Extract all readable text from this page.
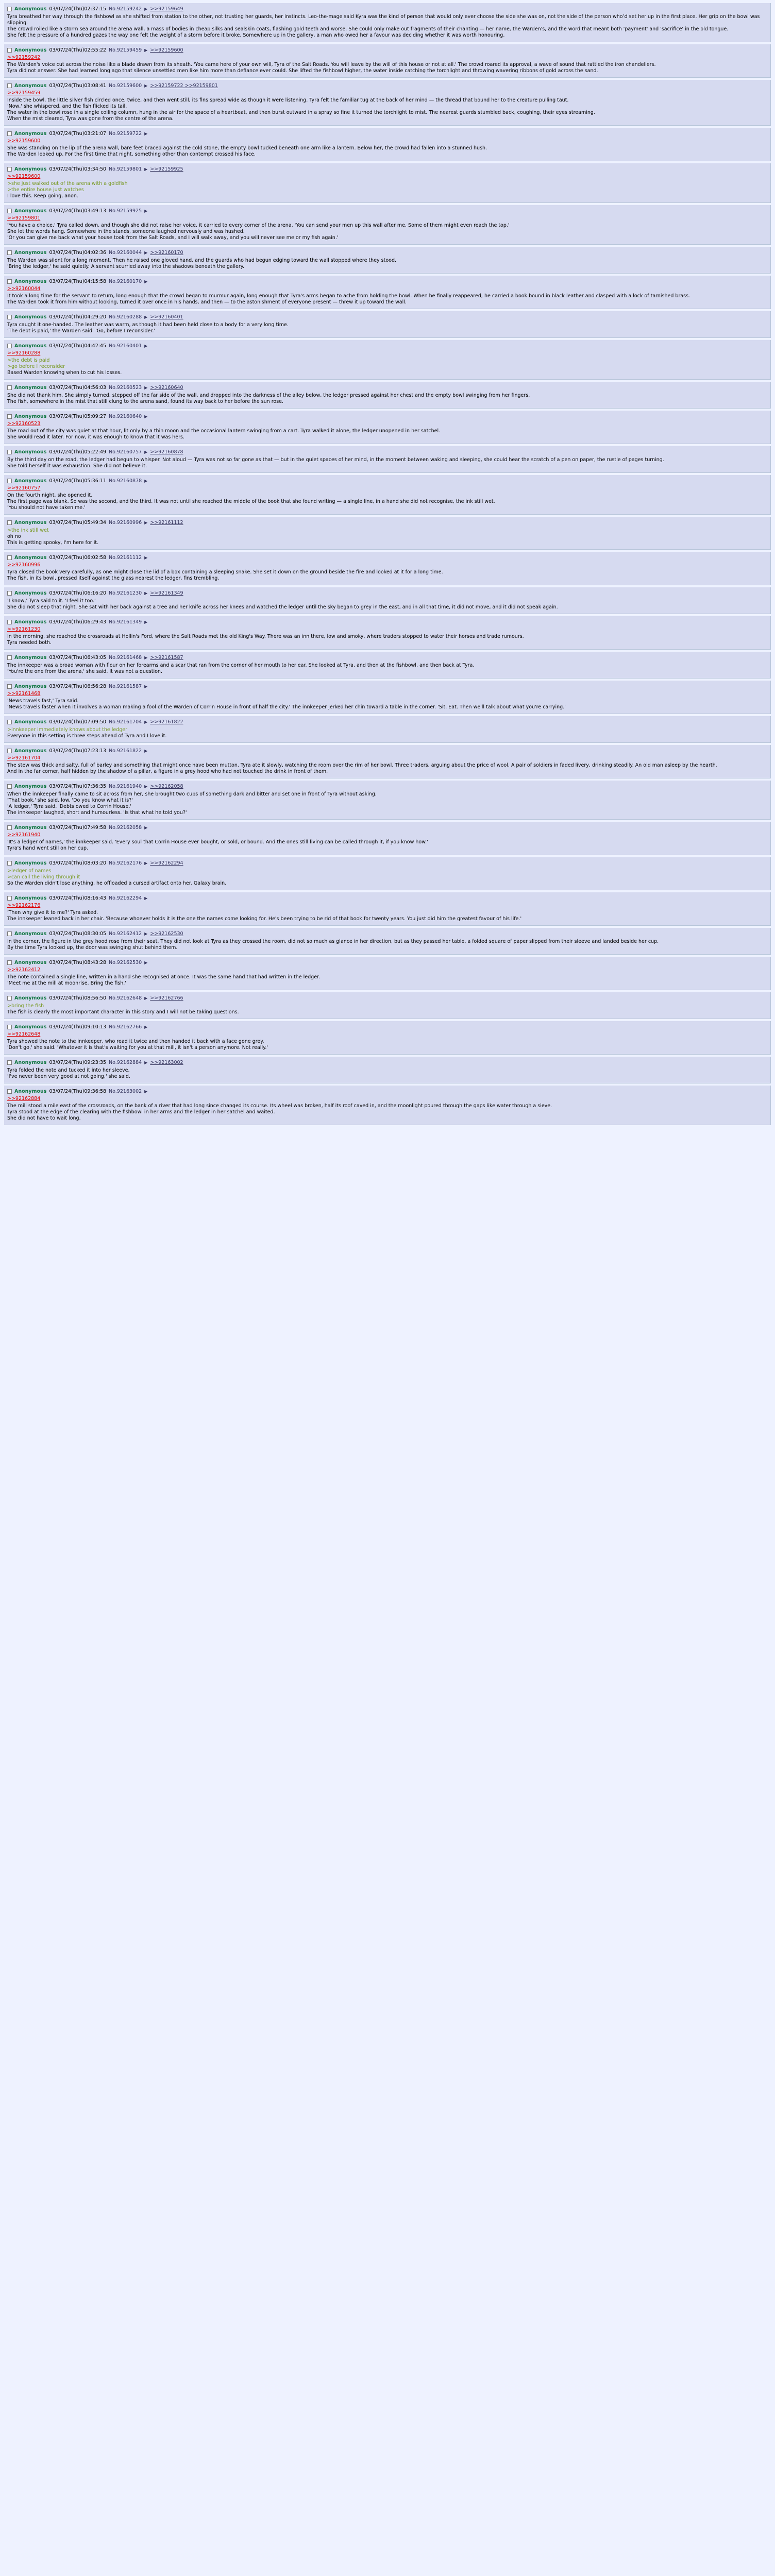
Anonymous 03/07/24(Thu)02:37:15 No.92159242 ▶ >>92159649
Tyra breathed her way through the fishbowl as she shifted from station to the other, not trusting her guards, her instincts. Leo-the-mage said Kyra was the kind of person that would only ever choose the side she was on, not the side of the person who’d set her up in the first place. Her grip on the bowl was slipping.
The crowd roiled like a storm sea around the arena wall, a mass of bodies in cheap silks and sealskin coats, flashing gold teeth and worse. She could only make out fragments of their chanting — her name, the Warden's, and the word that meant both 'payment' and 'sacrifice' in the old tongue.
She felt the pressure of a hundred gazes the way one felt the weight of a storm before it broke. Somewhere up in the gallery, a man who owed her a favour was deciding whether it was worth honouring.
Anonymous 03/07/24(Thu)02:55:22 No.92159459 ▶ >>92159600
>>92159242
The Warden's voice cut across the noise like a blade drawn from its sheath. 'You came here of your own will, Tyra of the Salt Roads. You will leave by the will of this house or not at all.' The crowd roared its approval, a wave of sound that rattled the iron chandeliers.
Tyra did not answer. She had learned long ago that silence unsettled men like him more than defiance ever could. She lifted the fishbowl higher, the water inside catching the torchlight and throwing wavering ribbons of gold across the sand.
Anonymous 03/07/24(Thu)03:08:41 No.92159600 ▶ >>92159722 >>92159801
>>92159459
Inside the bowl, the little silver fish circled once, twice, and then went still, its fins spread wide as though it were listening. Tyra felt the familiar tug at the back of her mind — the thread that bound her to the creature pulling taut.
'Now,' she whispered, and the fish flicked its tail.
The water in the bowl rose in a single coiling column, hung in the air for the space of a heartbeat, and then burst outward in a spray so fine it turned the torchlight to mist. The nearest guards stumbled back, coughing, their eyes streaming.
When the mist cleared, Tyra was gone from the centre of the arena.
Anonymous 03/07/24(Thu)03:21:07 No.92159722 ▶
>>92159600
She was standing on the lip of the arena wall, bare feet braced against the cold stone, the empty bowl tucked beneath one arm like a lantern. Below her, the crowd had fallen into a stunned hush.
The Warden looked up. For the first time that night, something other than contempt crossed his face.
Anonymous 03/07/24(Thu)03:34:50 No.92159801 ▶ >>92159925
>>92159600
>she just walked out of the arena with a goldfish
>the entire house just watches
I love this. Keep going, anon.
Anonymous 03/07/24(Thu)03:49:13 No.92159925 ▶
>>92159801
'You have a choice,' Tyra called down, and though she did not raise her voice, it carried to every corner of the arena. 'You can send your men up this wall after me. Some of them might even reach the top.'
She let the words hang. Somewhere in the stands, someone laughed nervously and was hushed.
'Or you can give me back what your house took from the Salt Roads, and I will walk away, and you will never see me or my fish again.'
Anonymous 03/07/24(Thu)04:02:36 No.92160044 ▶ >>92160170
The Warden was silent for a long moment. Then he raised one gloved hand, and the guards who had begun edging toward the wall stopped where they stood.
'Bring the ledger,' he said quietly. A servant scurried away into the shadows beneath the gallery.
Anonymous 03/07/24(Thu)04:15:58 No.92160170 ▶
>>92160044
It took a long time for the servant to return, long enough that the crowd began to murmur again, long enough that Tyra's arms began to ache from holding the bowl. When he finally reappeared, he carried a book bound in black leather and clasped with a lock of tarnished brass.
The Warden took it from him without looking, turned it over once in his hands, and then — to the astonishment of everyone present — threw it up toward the wall.
Anonymous 03/07/24(Thu)04:29:20 No.92160288 ▶ >>92160401
Tyra caught it one-handed. The leather was warm, as though it had been held close to a body for a very long time.
'The debt is paid,' the Warden said. 'Go, before I reconsider.'
Anonymous 03/07/24(Thu)04:42:45 No.92160401 ▶
>>92160288
>the debt is paid
>go before I reconsider
Based Warden knowing when to cut his losses.
Anonymous 03/07/24(Thu)04:56:03 No.92160523 ▶ >>92160640
She did not thank him. She simply turned, stepped off the far side of the wall, and dropped into the darkness of the alley below, the ledger pressed against her chest and the empty bowl swinging from her fingers.
The fish, somewhere in the mist that still clung to the arena sand, found its way back to her before the sun rose.
Anonymous 03/07/24(Thu)05:09:27 No.92160640 ▶
>>92160523
The road out of the city was quiet at that hour, lit only by a thin moon and the occasional lantern swinging from a cart. Tyra walked it alone, the ledger unopened in her satchel.
She would read it later. For now, it was enough to know that it was hers.
Anonymous 03/07/24(Thu)05:22:49 No.92160757 ▶ >>92160878
By the third day on the road, the ledger had begun to whisper. Not aloud — Tyra was not so far gone as that — but in the quiet spaces of her mind, in the moment between waking and sleeping, she could hear the scratch of a pen on paper, the rustle of pages turning.
She told herself it was exhaustion. She did not believe it.
Anonymous 03/07/24(Thu)05:36:11 No.92160878 ▶
>>92160757
On the fourth night, she opened it.
The first page was blank. So was the second, and the third. It was not until she reached the middle of the book that she found writing — a single line, in a hand she did not recognise, the ink still wet.
'You should not have taken me.'
Anonymous 03/07/24(Thu)05:49:34 No.92160996 ▶ >>92161112
>the ink still wet
oh no
This is getting spooky, I'm here for it.
Anonymous 03/07/24(Thu)06:02:58 No.92161112 ▶
>>92160996
Tyra closed the book very carefully, as one might close the lid of a box containing a sleeping snake. She set it down on the ground beside the fire and looked at it for a long time.
The fish, in its bowl, pressed itself against the glass nearest the ledger, fins trembling.
Anonymous 03/07/24(Thu)06:16:20 No.92161230 ▶ >>92161349
'I know,' Tyra said to it. 'I feel it too.'
She did not sleep that night. She sat with her back against a tree and her knife across her knees and watched the ledger until the sky began to grey in the east, and in all that time, it did not move, and it did not speak again.
Anonymous 03/07/24(Thu)06:29:43 No.92161349 ▶
>>92161230
In the morning, she reached the crossroads at Hollin's Ford, where the Salt Roads met the old King's Way. There was an inn there, low and smoky, where traders stopped to water their horses and trade rumours.
Tyra needed both.
Anonymous 03/07/24(Thu)06:43:05 No.92161468 ▶ >>92161587
The innkeeper was a broad woman with flour on her forearms and a scar that ran from the corner of her mouth to her ear. She looked at Tyra, and then at the fishbowl, and then back at Tyra.
'You're the one from the arena,' she said. It was not a question.
Anonymous 03/07/24(Thu)06:56:28 No.92161587 ▶
>>92161468
'News travels fast,' Tyra said.
'News travels faster when it involves a woman making a fool of the Warden of Corrin House in front of half the city.' The innkeeper jerked her chin toward a table in the corner. 'Sit. Eat. Then we'll talk about what you're carrying.'
Anonymous 03/07/24(Thu)07:09:50 No.92161704 ▶ >>92161822
>innkeeper immediately knows about the ledger
Everyone in this setting is three steps ahead of Tyra and I love it.
Anonymous 03/07/24(Thu)07:23:13 No.92161822 ▶
>>92161704
The stew was thick and salty, full of barley and something that might once have been mutton. Tyra ate it slowly, watching the room over the rim of her bowl. Three traders, arguing about the price of wool. A pair of soldiers in faded livery, drinking steadily. An old man asleep by the hearth.
And in the far corner, half hidden by the shadow of a pillar, a figure in a grey hood who had not touched the drink in front of them.
Anonymous 03/07/24(Thu)07:36:35 No.92161940 ▶ >>92162058
When the innkeeper finally came to sit across from her, she brought two cups of something dark and bitter and set one in front of Tyra without asking.
'That book,' she said, low. 'Do you know what it is?'
'A ledger,' Tyra said. 'Debts owed to Corrin House.'
The innkeeper laughed, short and humourless. 'Is that what he told you?'
Anonymous 03/07/24(Thu)07:49:58 No.92162058 ▶
>>92161940
'It's a ledger of names,' the innkeeper said. 'Every soul that Corrin House ever bought, or sold, or bound. And the ones still living can be called through it, if you know how.'
Tyra's hand went still on her cup.
Anonymous 03/07/24(Thu)08:03:20 No.92162176 ▶ >>92162294
>ledger of names
>can call the living through it
So the Warden didn't lose anything, he offloaded a cursed artifact onto her. Galaxy brain.
Anonymous 03/07/24(Thu)08:16:43 No.92162294 ▶
>>92162176
'Then why give it to me?' Tyra asked.
The innkeeper leaned back in her chair. 'Because whoever holds it is the one the names come looking for. He's been trying to be rid of that book for twenty years. You just did him the greatest favour of his life.'
Anonymous 03/07/24(Thu)08:30:05 No.92162412 ▶ >>92162530
In the corner, the figure in the grey hood rose from their seat. They did not look at Tyra as they crossed the room, did not so much as glance in her direction, but as they passed her table, a folded square of paper slipped from their sleeve and landed beside her cup.
By the time Tyra looked up, the door was swinging shut behind them.
Anonymous 03/07/24(Thu)08:43:28 No.92162530 ▶
>>92162412
The note contained a single line, written in a hand she recognised at once. It was the same hand that had written in the ledger.
'Meet me at the mill at moonrise. Bring the fish.'
Anonymous 03/07/24(Thu)08:56:50 No.92162648 ▶ >>92162766
>bring the fish
The fish is clearly the most important character in this story and I will not be taking questions.
Anonymous 03/07/24(Thu)09:10:13 No.92162766 ▶
>>92162648
Tyra showed the note to the innkeeper, who read it twice and then handed it back with a face gone grey.
'Don't go,' she said. 'Whatever it is that's waiting for you at that mill, it isn't a person anymore. Not really.'
Anonymous 03/07/24(Thu)09:23:35 No.92162884 ▶ >>92163002
Tyra folded the note and tucked it into her sleeve.
'I've never been very good at not going,' she said.
Anonymous 03/07/24(Thu)09:36:58 No.92163002 ▶
>>92162884
The mill stood a mile east of the crossroads, on the bank of a river that had long since changed its course. Its wheel was broken, half its roof caved in, and the moonlight poured through the gaps like water through a sieve.
Tyra stood at the edge of the clearing with the fishbowl in her arms and the ledger in her satchel and waited.
She did not have to wait long.
